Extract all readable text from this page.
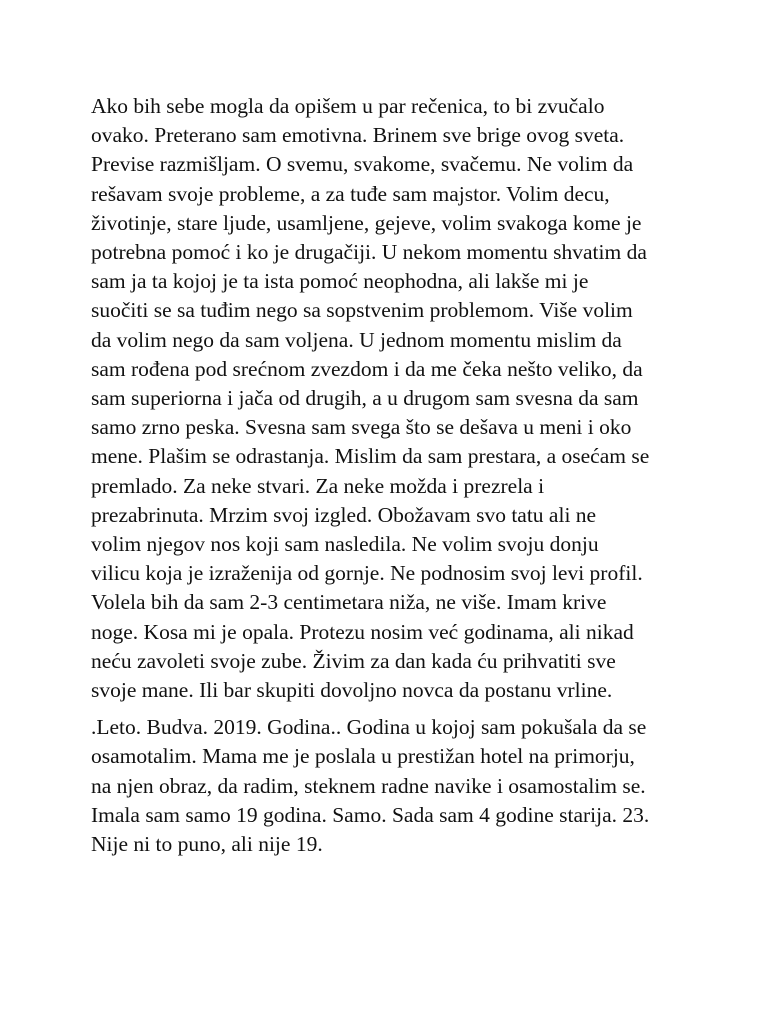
Ako bih sebe mogla da opišem u par rečenica, to bi zvučalo
ovako. Preterano sam emotivna. Brinem sve brige ovog sveta.
Previse razmišljam. O svemu, svakome, svačemu. Ne volim da
rešavam svoje probleme, a za tuđe sam majstor. Volim decu,
životinje, stare ljude, usamljene, gejeve, volim svakoga kome je
potrebna pomoć i ko je drugačiji. U nekom momentu shvatim da
sam ja ta kojoj je ta ista pomoć neophodna, ali lakše mi je
suočiti se sa tuđim nego sa sopstvenim problemom. Više volim
da volim nego da sam voljena. U jednom momentu mislim da
sam rođena pod srećnom zvezdom i da me čeka nešto veliko, da
sam superiorna i jača od drugih, a u drugom sam svesna da sam
samo zrno peska. Svesna sam svega što se dešava u meni i oko
mene. Plašim se odrastanja. Mislim da sam prestara, a osećam se
premlado. Za neke stvari. Za neke možda i prezrela i
prezabrinuta. Mrzim svoj izgled. Obožavam svo tatu ali ne
volim njegov nos koji sam nasledila. Ne volim svoju donju
vilicu koja je izraženija od gornje. Ne podnosim svoj levi profil.
Volela bih da sam 2-3 centimetara niža, ne više. Imam krive
noge. Kosa mi je opala. Protezu nosim već godinama, ali nikad
neću zavoleti svoje zube. Živim za dan kada ću prihvatiti sve
svoje mane. Ili bar skupiti dovoljno novca da postanu vrline.

.Leto. Budva. 2019. Godina.. Godina u kojoj sam pokušala da se
osamotalim. Mama me je poslala u prestižan hotel na primorju,
na njen obraz, da radim, steknem radne navike i osamostalim se.
Imala sam samo 19 godina. Samo. Sada sam 4 godine starija. 23.
Nije ni to puno, ali nije 19.
